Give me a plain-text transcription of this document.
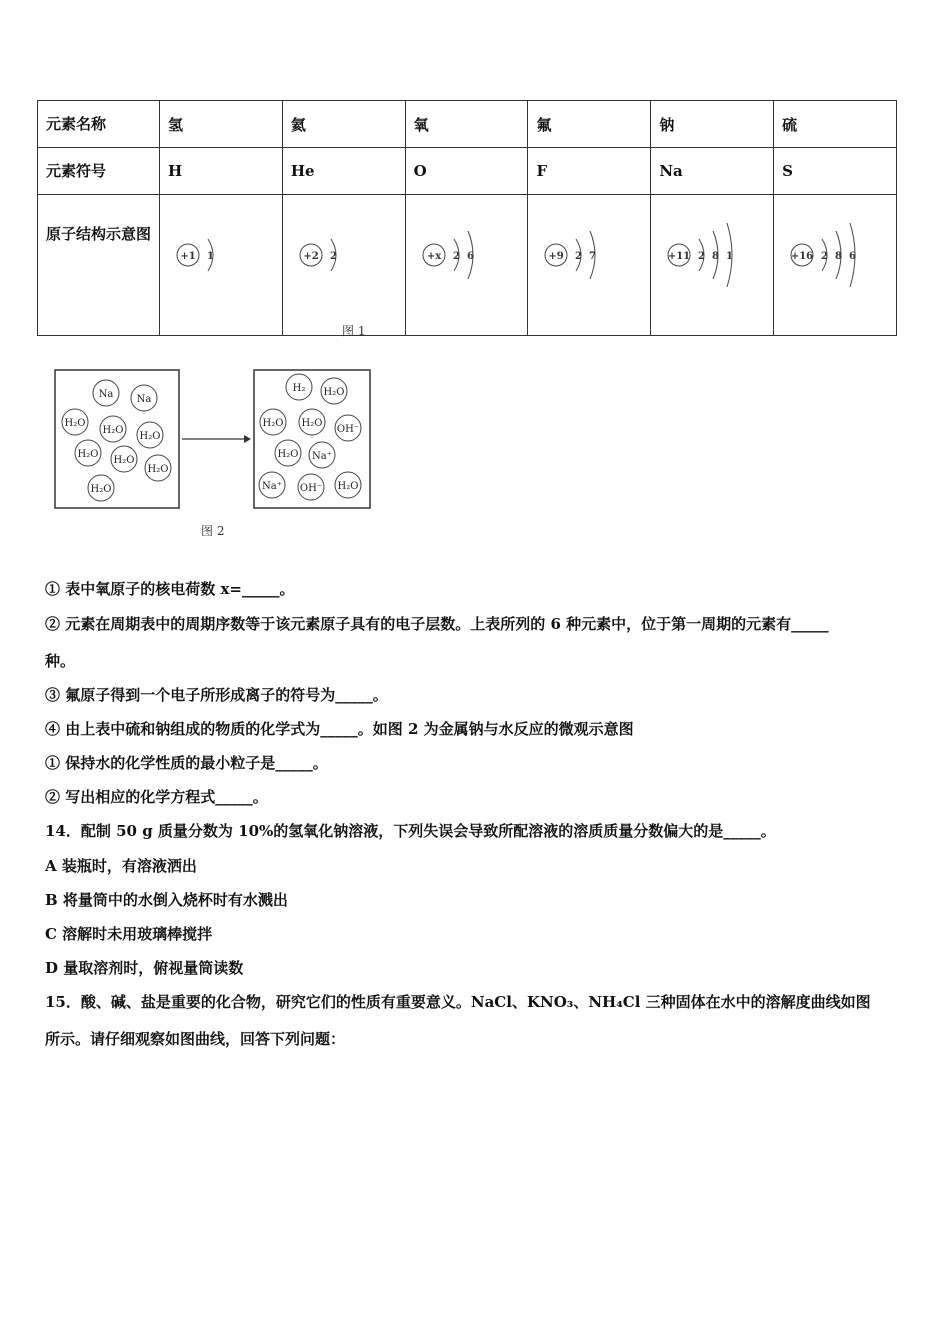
元素名称	氢	氦	氧	氟	钠	硫
元素符号	H	He	O	F	Na	S
原子结构示意图	+1 1	+2 2	+x 2 6	+9 2 7	+11 2 8 1	+16 2 8 6
图 1
Na Na
H₂O
H₂O
H₂O
H₂O
H₂O
H₂O
H₂O
H₂ H₂O
H₂O H₂O
OH⁻
H₂O Na⁺
Na⁺ OH⁻ H₂O
图 2
① 表中氧原子的核电荷数 x=_____。
② 元素在周期表中的周期序数等于该元素原子具有的电子层数。上表所列的 6 种元素中，位于第一周期的元素有_____
种。
③ 氟原子得到一个电子所形成离子的符号为_____。
④ 由上表中硫和钠组成的物质的化学式为_____。如图 2 为金属钠与水反应的微观示意图
① 保持水的化学性质的最小粒子是_____。
② 写出相应的化学方程式_____。
14．配制 50 g 质量分数为 10%的氢氧化钠溶液，下列失误会导致所配溶液的溶质质量分数偏大的是_____。
A 装瓶时，有溶液洒出
B 将量筒中的水倒入烧杯时有水溅出
C 溶解时未用玻璃棒搅拌
D 量取溶剂时，俯视量筒读数
15．酸、碱、盐是重要的化合物，研究它们的性质有重要意义。NaCl、KNO₃、NH₄Cl 三种固体在水中的溶解度曲线如图
所示。请仔细观察如图曲线，回答下列问题：
